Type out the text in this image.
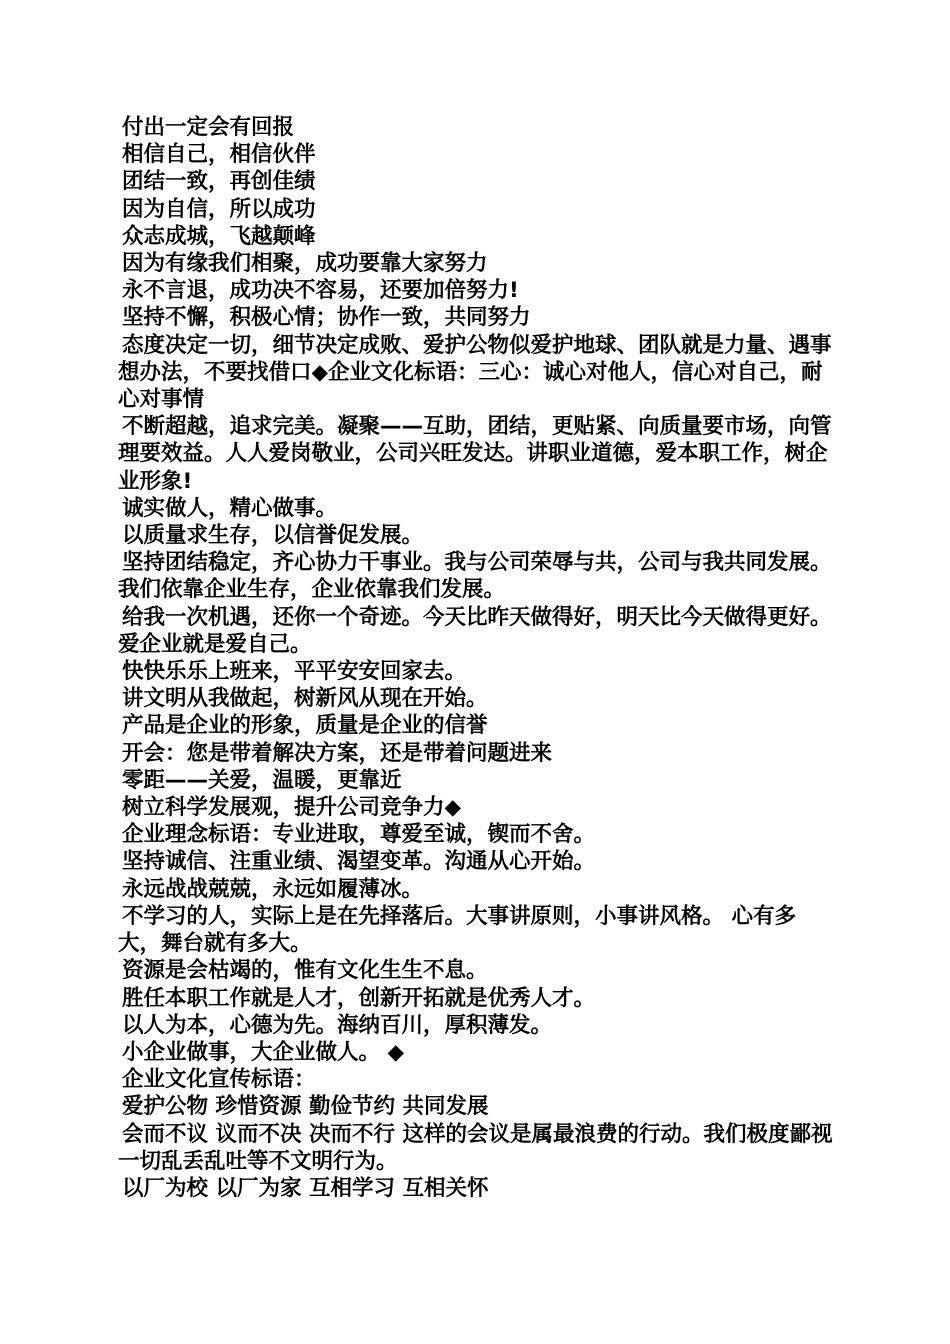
付出一定会有回报

相信自己，相信伙伴

团结一致，再创佳绩

因为自信，所以成功

众志成城，飞越颠峰

因为有缘我们相聚，成功要靠大家努力

永不言退，成功决不容易，还要加倍努力!

坚持不懈，积极心情；协作一致，共同努力

态度决定一切，细节决定成败、爱护公物似爱护地球、团队就是力量、遇事想办法，不要找借口◆企业文化标语：三心：诚心对他人，信心对自己，耐心对事情

不断超越，追求完美。凝聚——互助，团结，更贴紧、向质量要市场，向管理要效益。人人爱岗敬业，公司兴旺发达。讲职业道德，爱本职工作，树企业形象!

诚实做人，精心做事。

以质量求生存，以信誉促发展。

坚持团结稳定，齐心协力干事业。我与公司荣辱与共，公司与我共同发展。我们依靠企业生存，企业依靠我们发展。

给我一次机遇，还你一个奇迹。今天比昨天做得好，明天比今天做得更好。爱企业就是爱自己。

快快乐乐上班来，平平安安回家去。

讲文明从我做起，树新风从现在开始。

产品是企业的形象，质量是企业的信誉

开会：您是带着解决方案，还是带着问题进来

零距——关爱，温暖，更靠近

树立科学发展观，提升公司竞争力◆

企业理念标语：专业进取，尊爱至诚，锲而不舍。

坚持诚信、注重业绩、渴望变革。沟通从心开始。

永远战战兢兢，永远如履薄冰。

不学习的人，实际上是在先择落后。大事讲原则，小事讲风格。 心有多大，舞台就有多大。

资源是会枯竭的，惟有文化生生不息。

胜任本职工作就是人才，创新开拓就是优秀人才。

以人为本，心德为先。海纳百川，厚积薄发。

小企业做事，大企业做人。 ◆

企业文化宣传标语：

爱护公物 珍惜资源 勤俭节约 共同发展

会而不议 议而不决 决而不行 这样的会议是属最浪费的行动。我们极度鄙视一切乱丢乱吐等不文明行为。

以厂为校 以厂为家 互相学习 互相关怀
